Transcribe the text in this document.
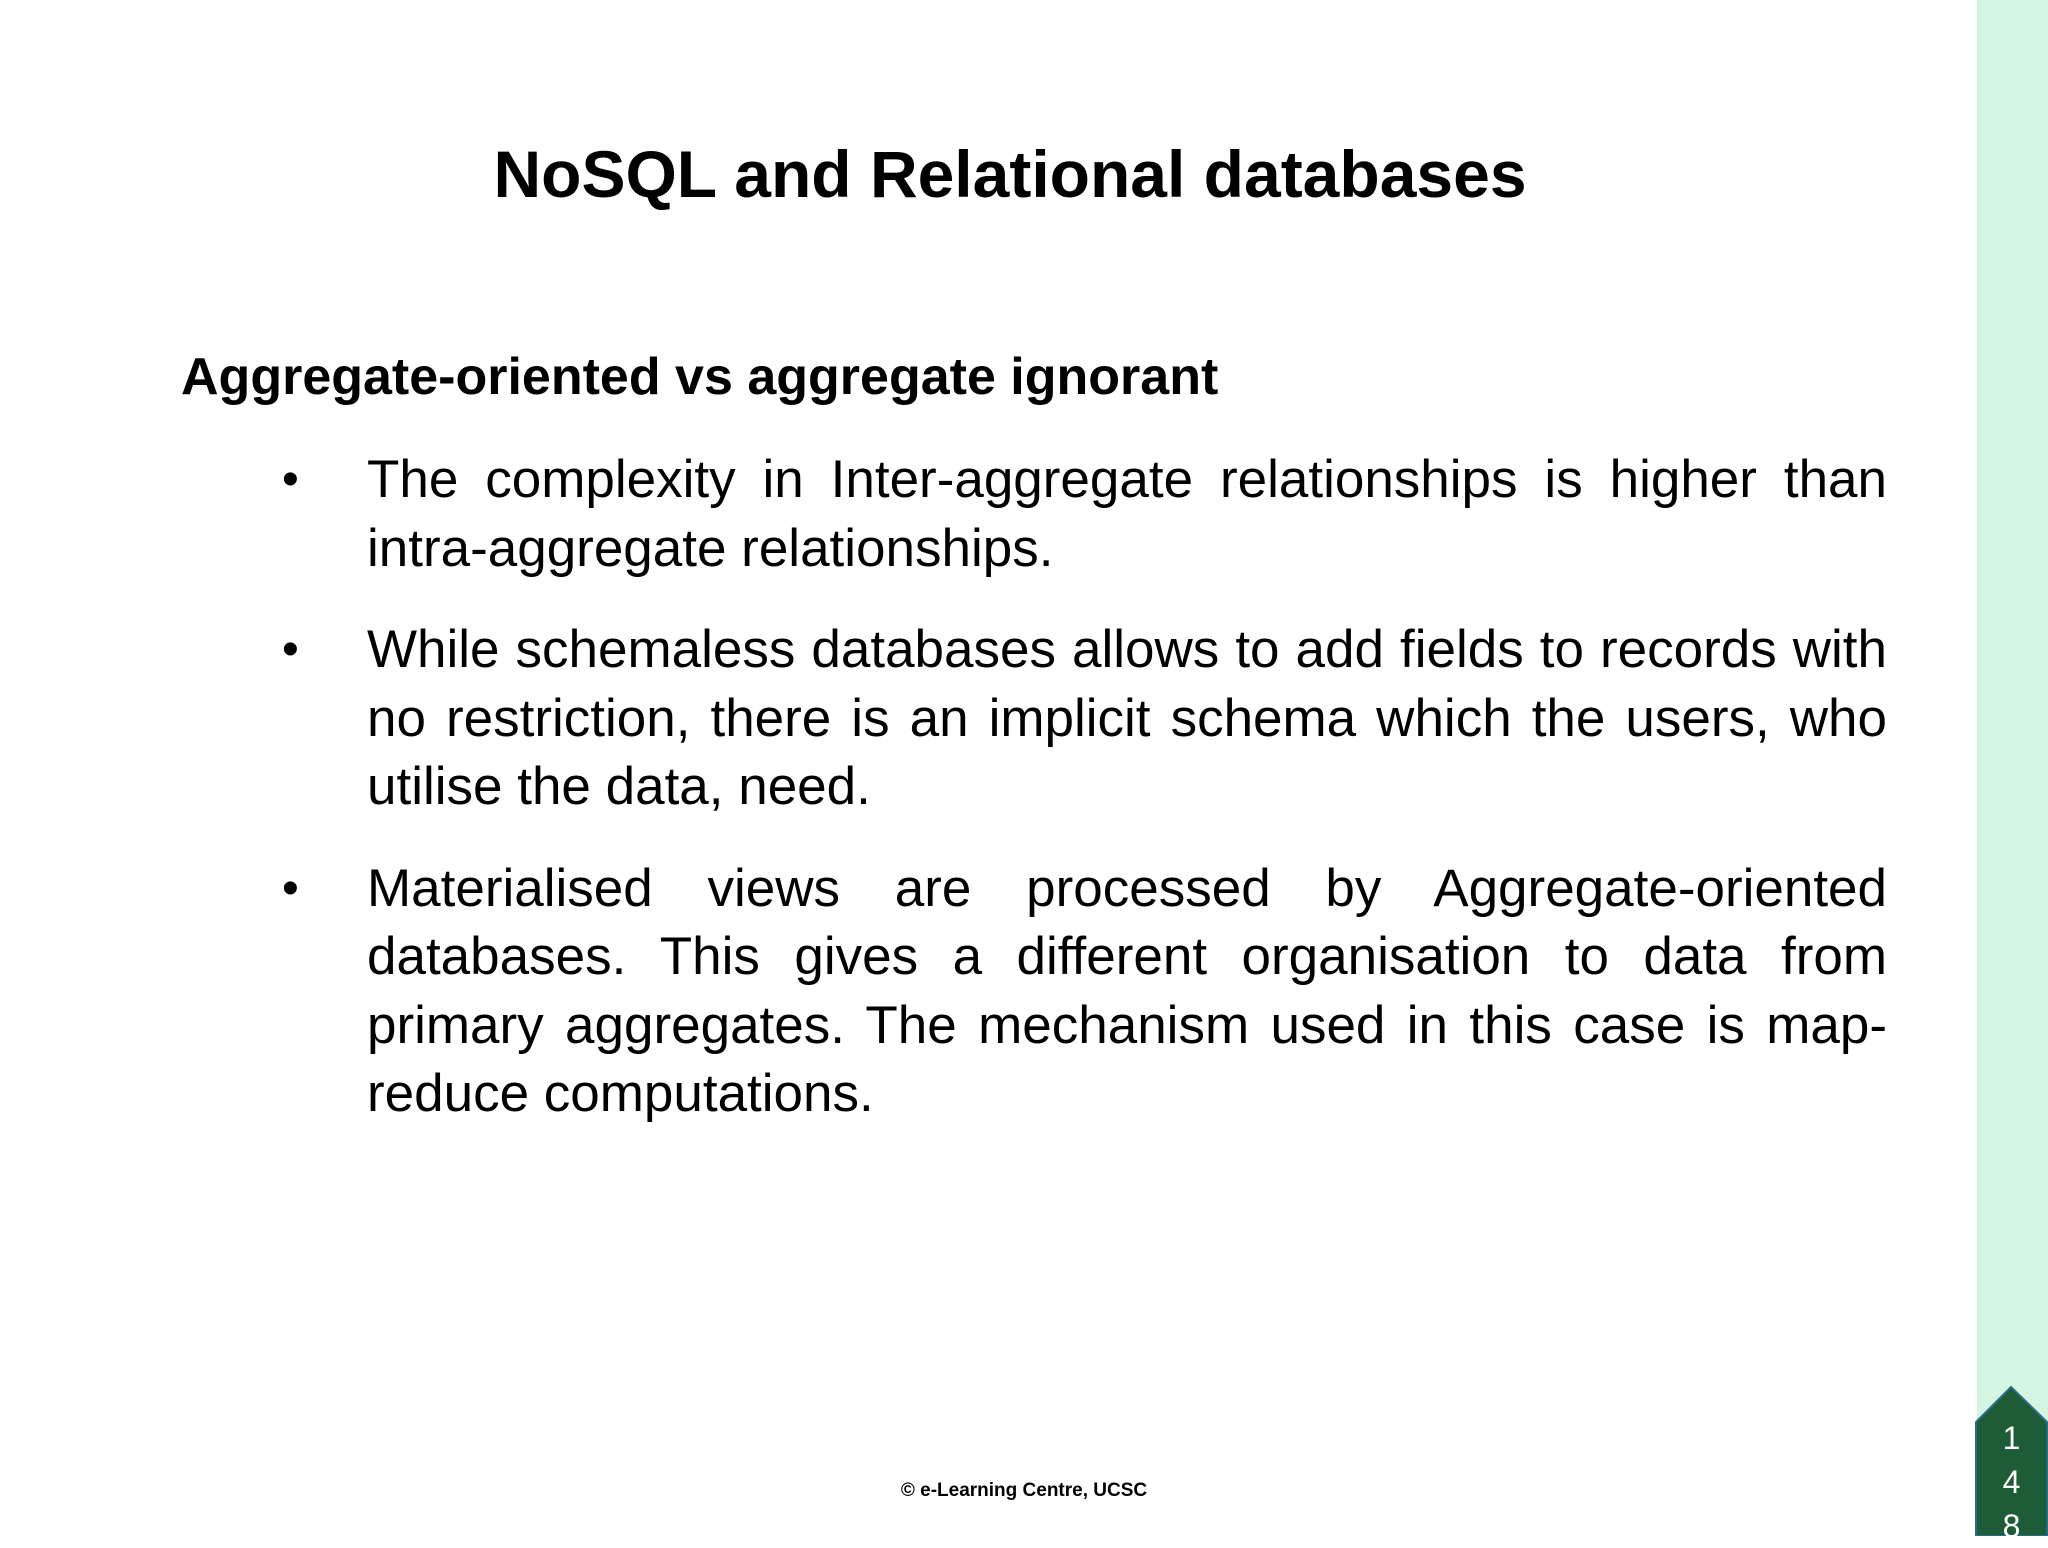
NoSQL and Relational databases
Aggregate-oriented vs aggregate ignorant
• The complexity in Inter-aggregate relationships is higher than intra-aggregate relationships.
• While schemaless databases allows to add fields to records with no restriction, there is an implicit schema which the users, who utilise the data, need.
• Materialised views are processed by Aggregate-oriented databases. This gives a different organisation to data from primary aggregates. The mechanism used in this case is map-reduce computations.
© e-Learning Centre, UCSC
148
